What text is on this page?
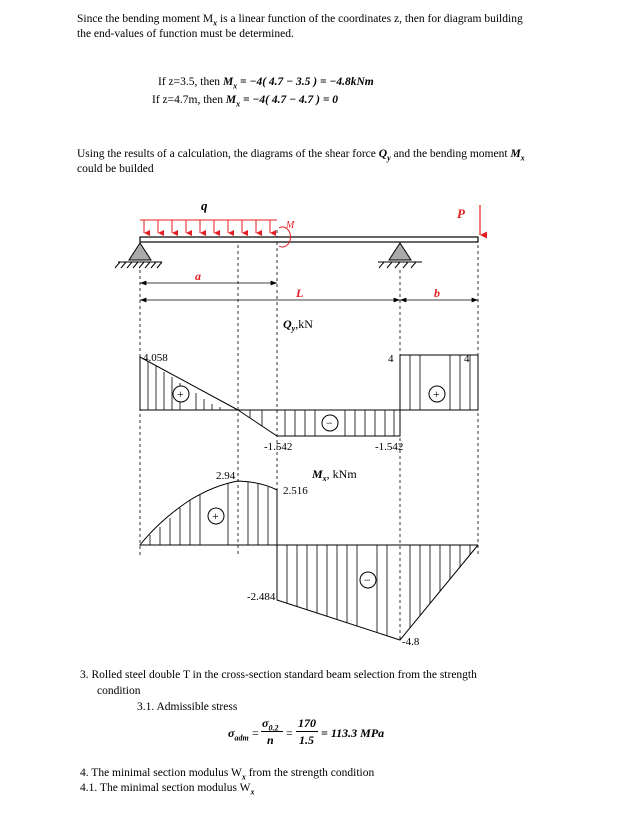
Since the bending moment $M_x$ is a linear function of the coordinates z, then for diagram building
the end-values of function must be determined.
If z=3.5, then $M_x = -4$( 4.7 − 3.5 ) = −4.8kNm
If z=4.7m, then $M_x = -4$( 4.7 − 4.7 ) = 0
Using the results of a calculation, the diagrams of the shear force $Q_y$ and the bending moment $M_x$
could be builded
q
M
P
a
L	b
$Q_y,kN$
+
−
+
4.058	4	4
-1.542	-1.542
$M_x$, kNm
+
−
2.94
2.516
-2.484
-4.8
3. Rolled steel double T in the cross-section standard beam selection from the strength
condition
3.1. Admissible stress
$\sigma_{adm}$ =
$\sigma_{0.2}$
n =
170
1.5 = 113.3 MPa
4. The minimal section modulus $W_x$ from the strength condition
4.1. The minimal section modulus $W_x$
